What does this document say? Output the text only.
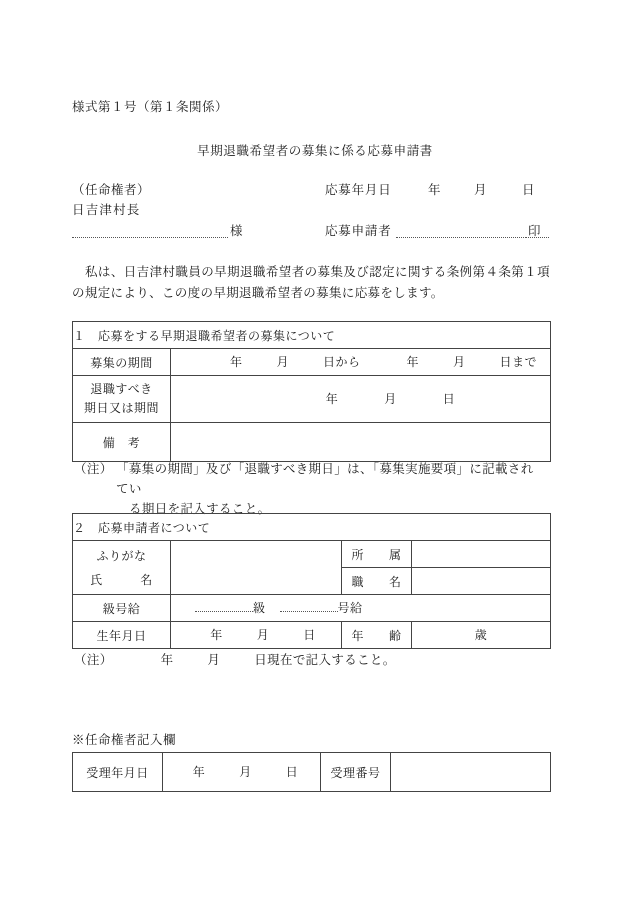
様式第１号（第１条関係）
早期退職希望者の募集に係る応募申請書
（任命権者）
日吉津村長
様
応募年月日	年	月	日
応募申請者	印
私は、日吉津村職員の早期退職希望者の募集及び認定に関する条例第４条第１項の規定により、この度の早期退職希望者の募集に応募をします。
１　応募をする早期退職希望者の募集について	
募集の期間	年 月 日から 年 月 日まで

退職すべき
期日又は期間	年 月 日

備　考	
（注） 「募集の期間」及び「退職すべき期日」は、「募集実施要項」に記載されてい
る期日を記入すること。
２　応募申請者について			

ふりがな
氏　　　名		所　　属	
		職　　名	
級号給	級 号給		

生年月日	年 月 日	年　　齢	歳
（注）	年	月	日現在で記入すること。
※任命権者記入欄
受理年月日	年	月	日	受理番号	
